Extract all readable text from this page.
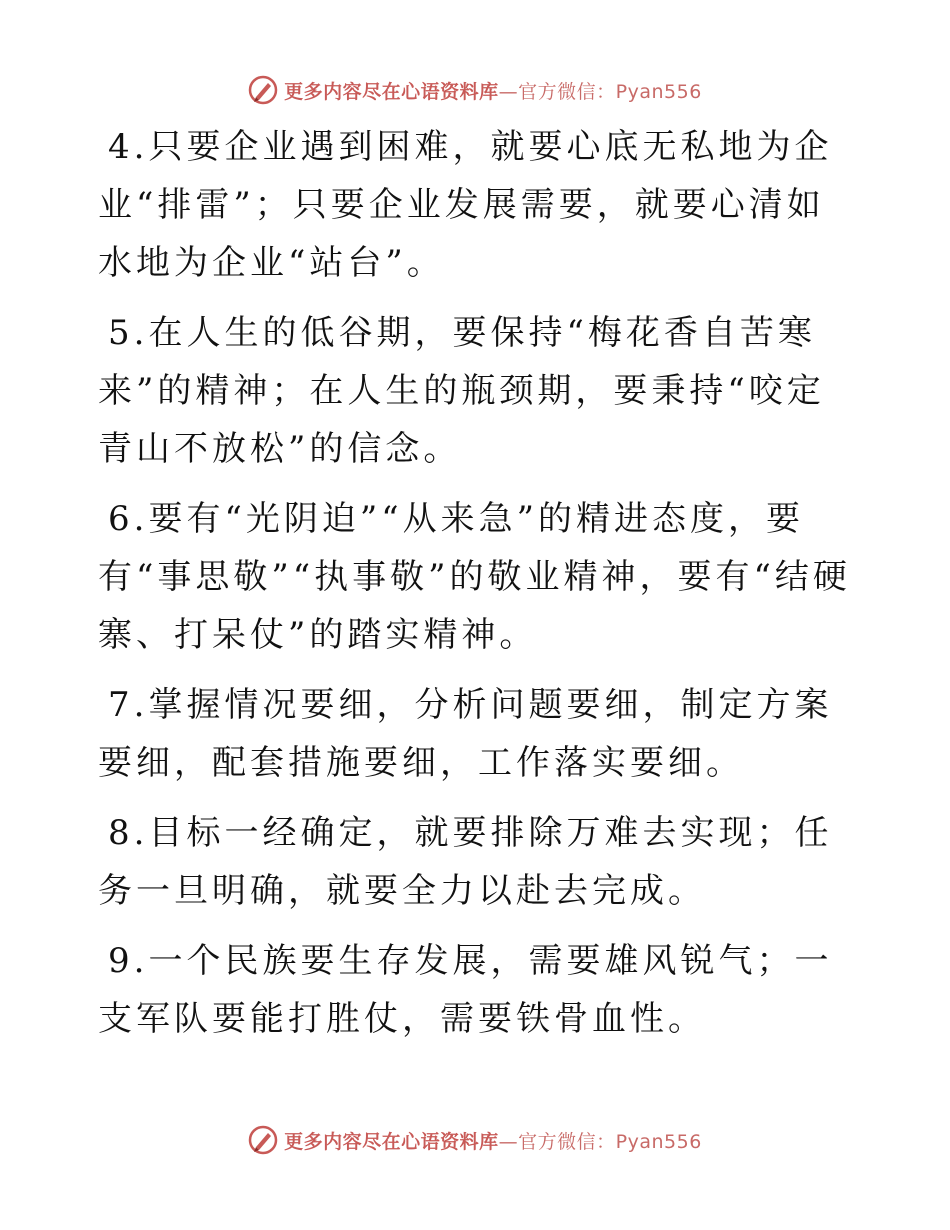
更多内容尽在心语资料库—官方微信：Pyan556

4.只要企业遇到困难，就要心底无私地为企业“排雷”；只要企业发展需要，就要心清如水地为企业“站台”。

5.在人生的低谷期，要保持“梅花香自苦寒来”的精神；在人生的瓶颈期，要秉持“咬定青山不放松”的信念。

6.要有“光阴迫”“从来急”的精进态度，要有“事思敬”“执事敬”的敬业精神，要有“结硬寨、打呆仗”的踏实精神。

7.掌握情况要细，分析问题要细，制定方案要细，配套措施要细，工作落实要细。

8.目标一经确定，就要排除万难去实现；任务一旦明确，就要全力以赴去完成。

9.一个民族要生存发展，需要雄风锐气；一支军队要能打胜仗，需要铁骨血性。

更多内容尽在心语资料库—官方微信：Pyan556
